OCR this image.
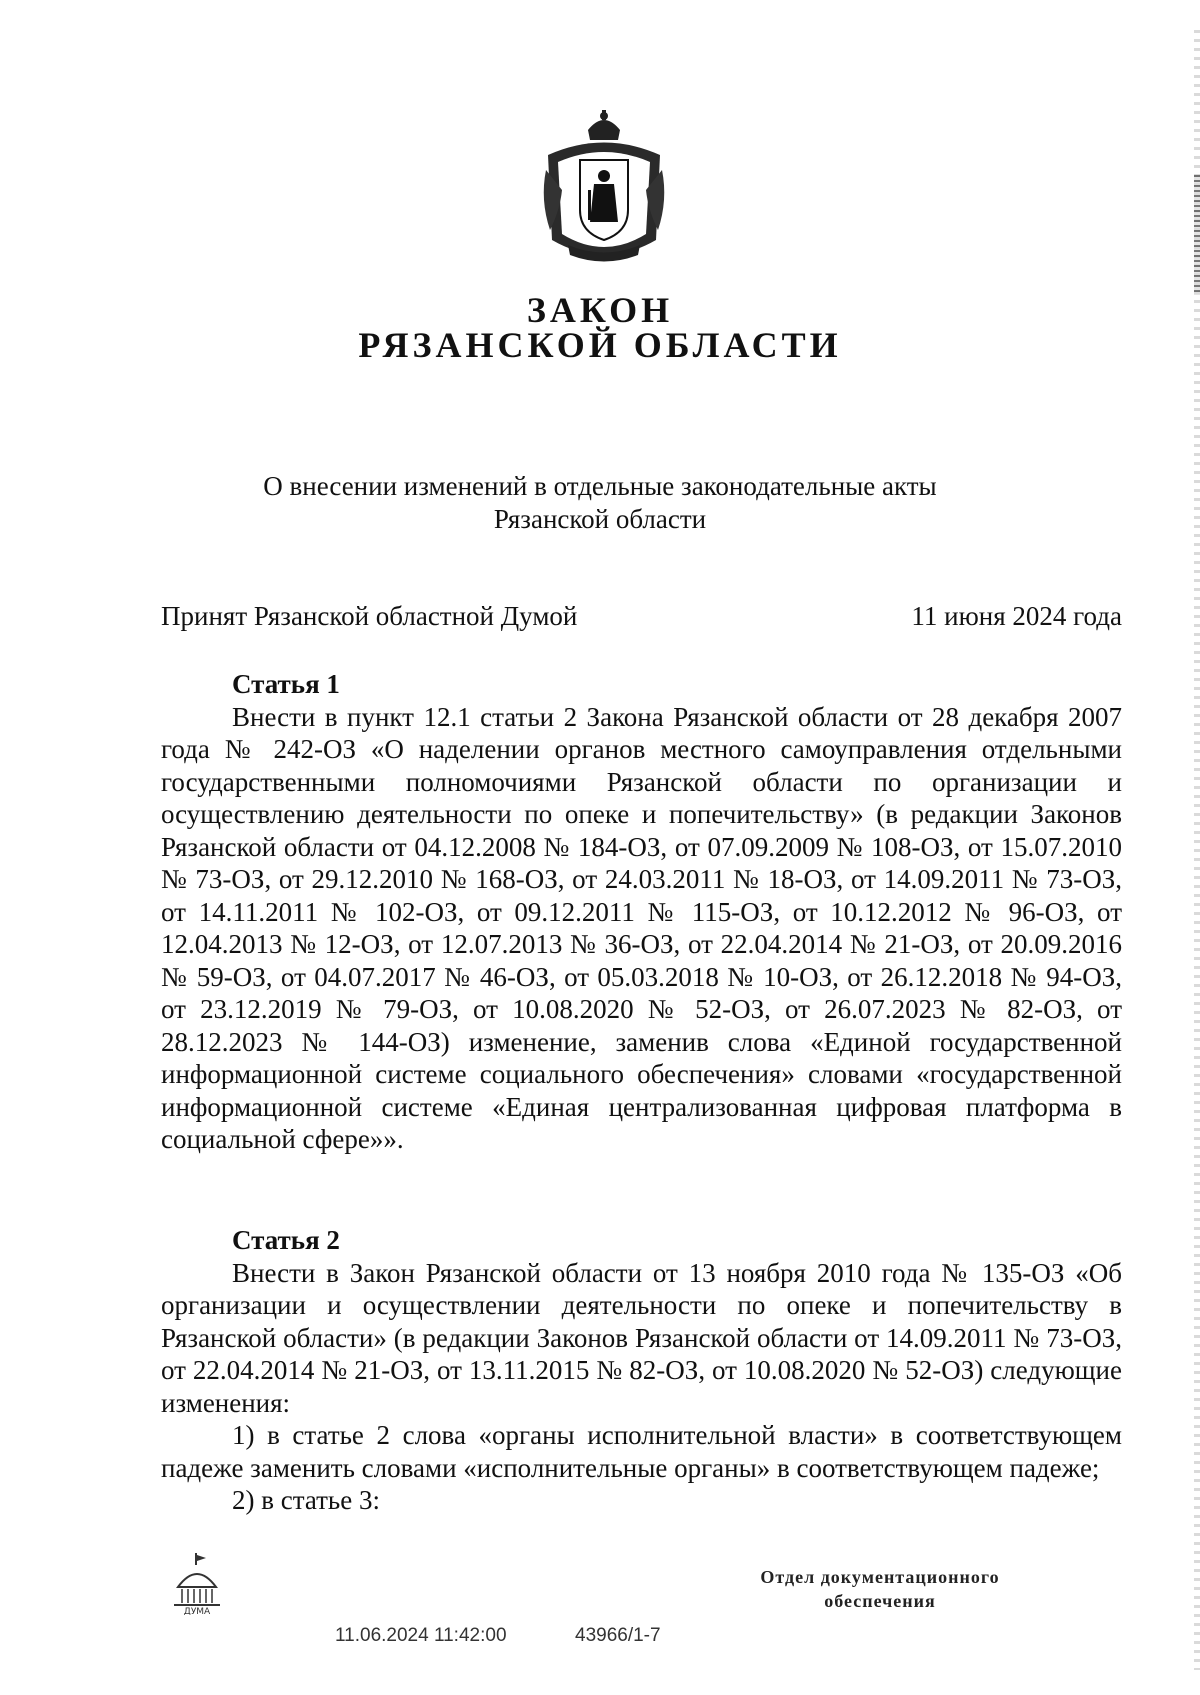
ЗАКОН
РЯЗАНСКОЙ ОБЛАСТИ
О внесении изменений в отдельные законодательные акты
Рязанской области
Принят Рязанской областной Думой	11 июня 2024 года
Статья 1

Внести в пункт 12.1 статьи 2 Закона Рязанской области от 28 декабря 2007 года № 242-ОЗ «О наделении органов местного самоуправления отдельными государственными полномочиями Рязанской области по организации и осуществлению деятельности по опеке и попечительству» (в редакции Законов Рязанской области от 04.12.2008 № 184-ОЗ, от 07.09.2009 № 108-ОЗ, от 15.07.2010 № 73-ОЗ, от 29.12.2010 № 168-ОЗ, от 24.03.2011 № 18-ОЗ, от 14.09.2011 № 73-ОЗ, от 14.11.2011 № 102-ОЗ, от 09.12.2011 № 115-ОЗ, от 10.12.2012 № 96-ОЗ, от 12.04.2013 № 12-ОЗ, от 12.07.2013 № 36-ОЗ, от 22.04.2014 № 21-ОЗ, от 20.09.2016 № 59-ОЗ, от 04.07.2017 № 46-ОЗ, от 05.03.2018 № 10-ОЗ, от 26.12.2018 № 94-ОЗ, от 23.12.2019 № 79-ОЗ, от 10.08.2020 № 52-ОЗ, от 26.07.2023 № 82-ОЗ, от 28.12.2023 № 144-ОЗ) изменение, заменив слова «Единой государственной информационной системе социального обеспечения» словами «государственной информационной системе «Единая централизованная цифровая платформа в социальной сфере»».

Статья 2

Внести в Закон Рязанской области от 13 ноября 2010 года № 135-ОЗ «Об организации и осуществлении деятельности по опеке и попечительству в Рязанской области» (в редакции Законов Рязанской области от 14.09.2011 № 73-ОЗ, от 22.04.2014 № 21-ОЗ, от 13.11.2015 № 82-ОЗ, от 10.08.2020 № 52-ОЗ) следующие изменения:

1) в статье 2 слова «органы исполнительной власти» в соответствующем падеже заменить словами «исполнительные органы» в соответствующем падеже;

2) в статье 3:

ДУМА
11.06.2024 11:42:00	43966/1-7
Отдел документационного
обеспечения
